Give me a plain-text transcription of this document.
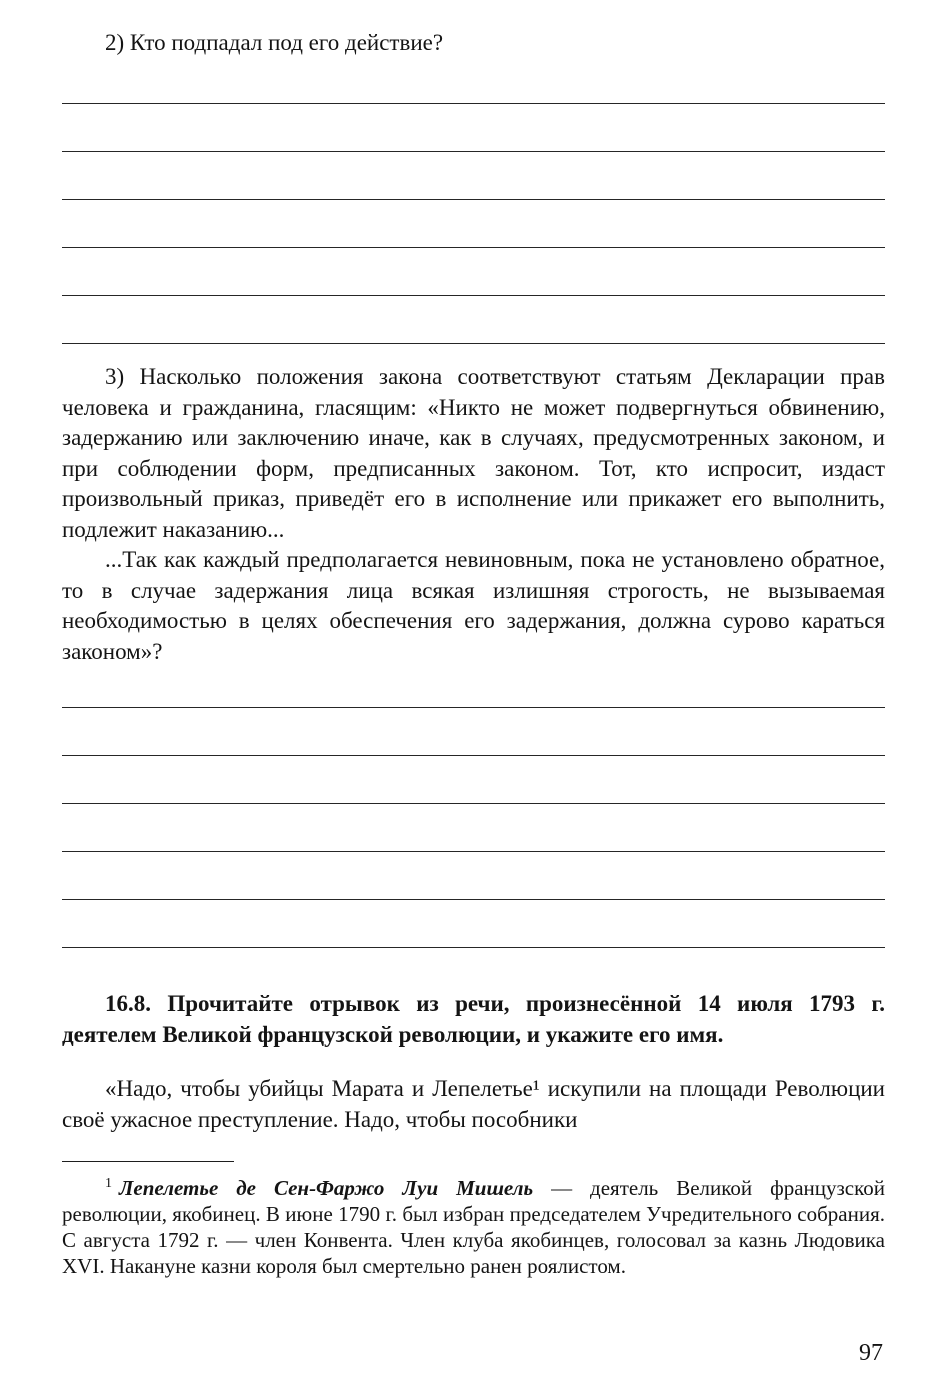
2) Кто подпадал под его действие?

3) Насколько положения закона соответствуют статьям Декларации прав человека и гражданина, гласящим: «Никто не может подвергнуться обвинению, задержанию или заключению иначе, как в случаях, предусмотренных законом, и при соблюдении форм, предписанных законом. Тот, кто испросит, издаст произвольный приказ, приведёт его в исполнение или прикажет его выполнить, подлежит наказанию...

...Так как каждый предполагается невиновным, пока не установлено обратное, то в случае задержания лица всякая излишняя строгость, не вызываемая необходимостью в целях обеспечения его задержания, должна сурово караться законом»?

16.8. Прочитайте отрывок из речи, произнесённой 14 июля 1793 г. деятелем Великой французской революции, и укажите его имя.

«Надо, чтобы убийцы Марата и Лепелетье¹ искупили на площади Революции своё ужасное преступление. Надо, чтобы пособники

$^1$ Лепелетье де Сен-Фаржо Луи Мишель — деятель Великой французской революции, якобинец. В июне 1790 г. был избран председателем Учредительного собрания. С августа 1792 г. — член Конвента. Член клуба якобинцев, голосовал за казнь Людовика XVI. Накануне казни короля был смертельно ранен роялистом.

97
